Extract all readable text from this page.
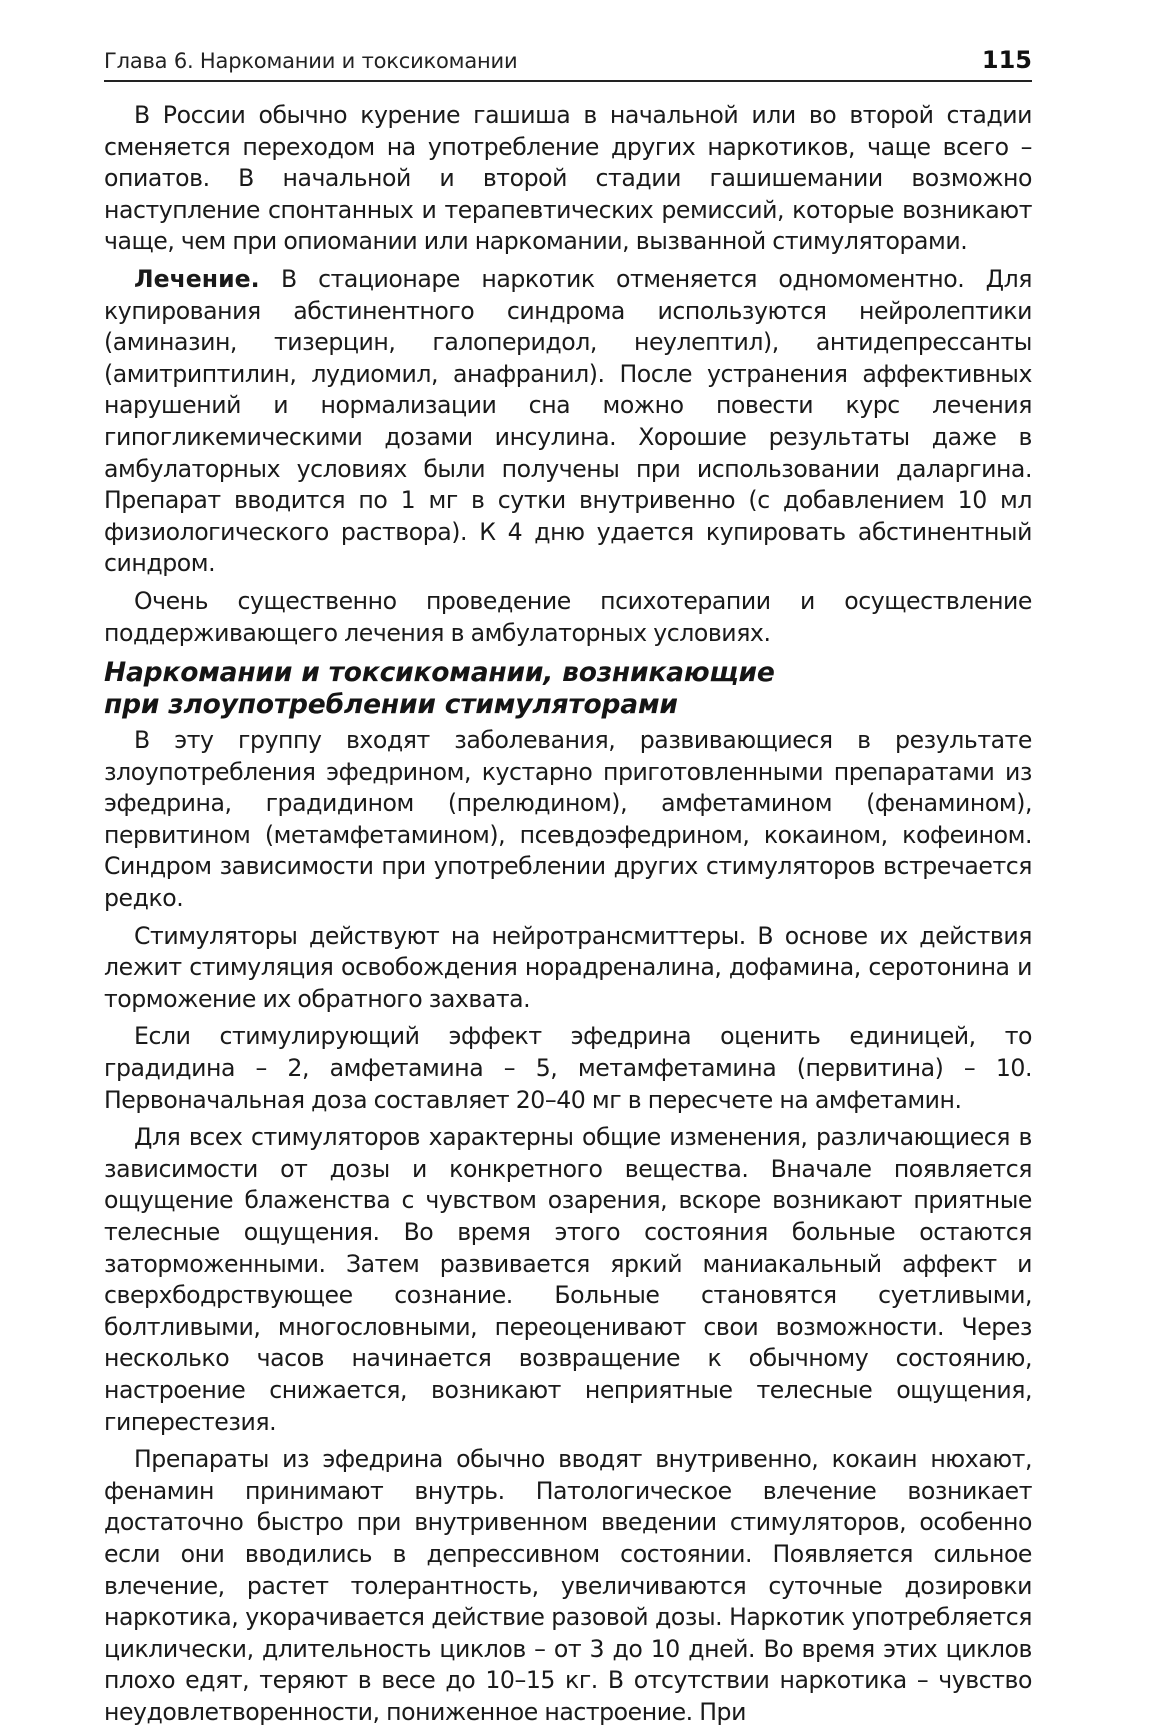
Глава 6. Наркомании и токсикомании	115

В России обычно курение гашиша в начальной или во второй стадии сменяется переходом на употребление других наркотиков, чаще всего – опиатов. В начальной и второй стадии гашишемании возможно наступление спонтанных и терапевтических ремиссий, которые возникают чаще, чем при опиомании или наркомании, вызванной стимуляторами.

Лечение. В стационаре наркотик отменяется одномоментно. Для купирования абстинентного синдрома используются нейролептики (аминазин, тизерцин, галоперидол, неулептил), антидепрессанты (амитриптилин, лудиомил, анафранил). После устранения аффективных нарушений и нормализации сна можно повести курс лечения гипогликемическими дозами инсулина. Хорошие результаты даже в амбулаторных условиях были получены при использовании даларгина. Препарат вводится по 1 мг в сутки внутривенно (с добавлением 10 мл физиологического раствора). К 4 дню удается купировать абстинентный синдром.

Очень существенно проведение психотерапии и осуществление поддерживающего лечения в амбулаторных условиях.

Наркомании и токсикомании, возникающие
при злоупотреблении стимуляторами

В эту группу входят заболевания, развивающиеся в результате злоупотребления эфедрином, кустарно приготовленными препаратами из эфедрина, градидином (прелюдином), амфетамином (фенамином), первитином (метамфетамином), псевдоэфедрином, кокаином, кофеином. Синдром зависимости при употреблении других стимуляторов встречается редко.

Стимуляторы действуют на нейротрансмиттеры. В основе их действия лежит стимуляция освобождения норадреналина, дофамина, серотонина и торможение их обратного захвата.

Если стимулирующий эффект эфедрина оценить единицей, то градидина – 2, амфетамина – 5, метамфетамина (первитина) – 10. Первоначальная доза составляет 20–40 мг в пересчете на амфетамин.

Для всех стимуляторов характерны общие изменения, различающиеся в зависимости от дозы и конкретного вещества. Вначале появляется ощущение блаженства с чувством озарения, вскоре возникают приятные телесные ощущения. Во время этого состояния больные остаются заторможенными. Затем развивается яркий маниакальный аффект и сверхбодрствующее сознание. Больные становятся суетливыми, болтливыми, многословными, переоценивают свои возможности. Через несколько часов начинается возвращение к обычному состоянию, настроение снижается, возникают неприятные телесные ощущения, гиперестезия.

Препараты из эфедрина обычно вводят внутривенно, кокаин нюхают, фенамин принимают внутрь. Патологическое влечение возникает достаточно быстро при внутривенном введении стимуляторов, особенно если они вводились в депрессивном состоянии. Появляется сильное влечение, растет толерантность, увеличиваются суточные дозировки наркотика, укорачивается действие разовой дозы. Наркотик употребляется циклически, длительность циклов – от 3 до 10 дней. Во время этих циклов плохо едят, теряют в весе до 10–15 кг. В отсутствии наркотика – чувство неудовлетворенности, пониженное настроение. При
